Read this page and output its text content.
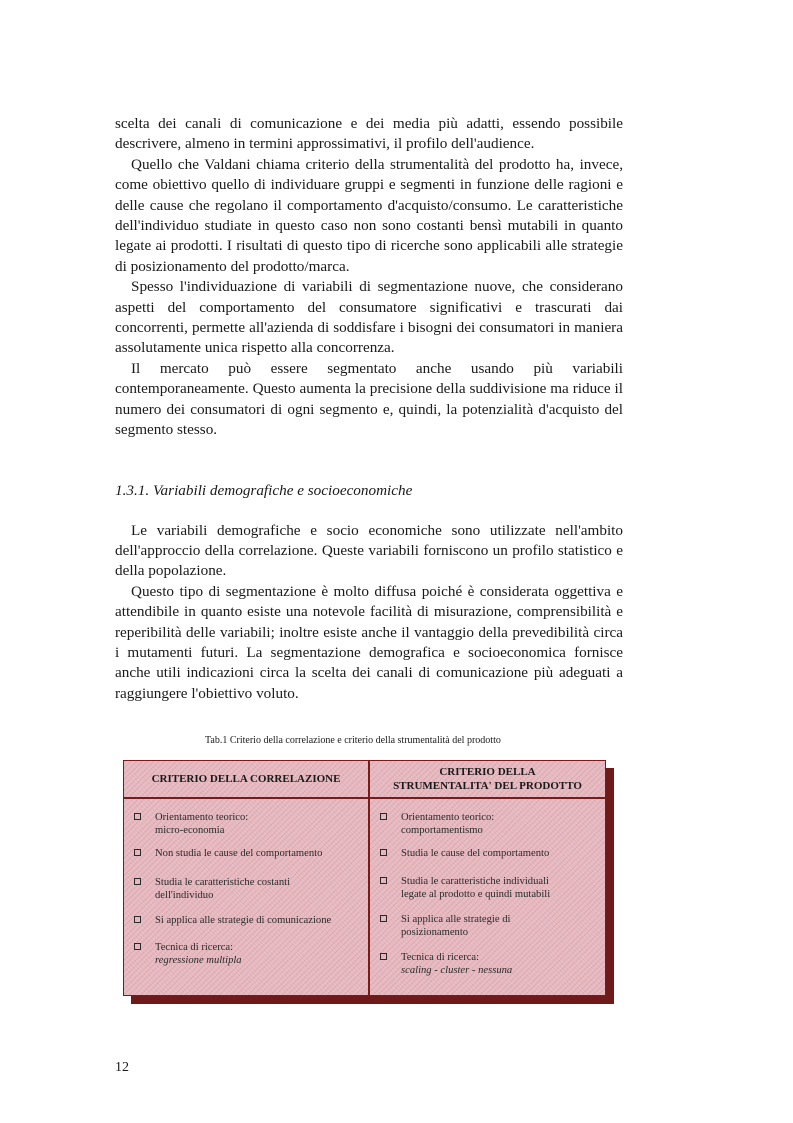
scelta dei canali di comunicazione e dei media più adatti, essendo possibile descrivere, almeno in termini approssimativi, il profilo dell'audience.

Quello che Valdani chiama criterio della strumentalità del prodotto ha, invece, come obiettivo quello di individuare gruppi e segmenti in funzione delle ragioni e delle cause che regolano il comportamento d'acquisto/consumo. Le caratteristiche dell'individuo studiate in questo caso non sono costanti bensì mutabili in quanto legate ai prodotti. I risultati di questo tipo di ricerche sono applicabili alle strategie di posizionamento del prodotto/marca.

Spesso l'individuazione di variabili di segmentazione nuove, che considerano aspetti del comportamento del consumatore significativi e trascurati dai concorrenti, permette all'azienda di soddisfare i bisogni dei consumatori in maniera assolutamente unica rispetto alla concorrenza.

Il mercato può essere segmentato anche usando più variabili contemporaneamente. Questo aumenta la precisione della suddivisione ma riduce il numero dei consumatori di ogni segmento e, quindi, la potenzialità d'acquisto del segmento stesso.

1.3.1. Variabili demografiche e socioeconomiche

Le variabili demografiche e socio economiche sono utilizzate nell'ambito dell'approccio della correlazione. Queste variabili forniscono un profilo statistico e della popolazione.

Questo tipo di segmentazione è molto diffusa poiché è considerata oggettiva e attendibile in quanto esiste una notevole facilità di misurazione, comprensibilità e reperibilità delle variabili; inoltre esiste anche il vantaggio della prevedibilità circa i mutamenti futuri. La segmentazione demografica e socioeconomica fornisce anche utili indicazioni circa la scelta dei canali di comunicazione più adeguati a raggiungere l'obiettivo voluto.

Tab.1 Criterio della correlazione e criterio della strumentalità del prodotto
CRITERIO DELLA CORRELAZIONE
Orientamento teorico:
micro-economia
Non studia le cause del comportamento
Studia le caratteristiche costanti
dell'individuo
Si applica alle strategie di comunicazione
Tecnica di ricerca:
regressione multipla
CRITERIO DELLA
STRUMENTALITA' DEL PRODOTTO
Orientamento teorico:
comportamentismo
Studia le cause del comportamento
Studia le caratteristiche individuali
legate al prodotto e quindi mutabili
Si applica alle strategie di
posizionamento
Tecnica di ricerca:
scaling - cluster - nessuna
12
